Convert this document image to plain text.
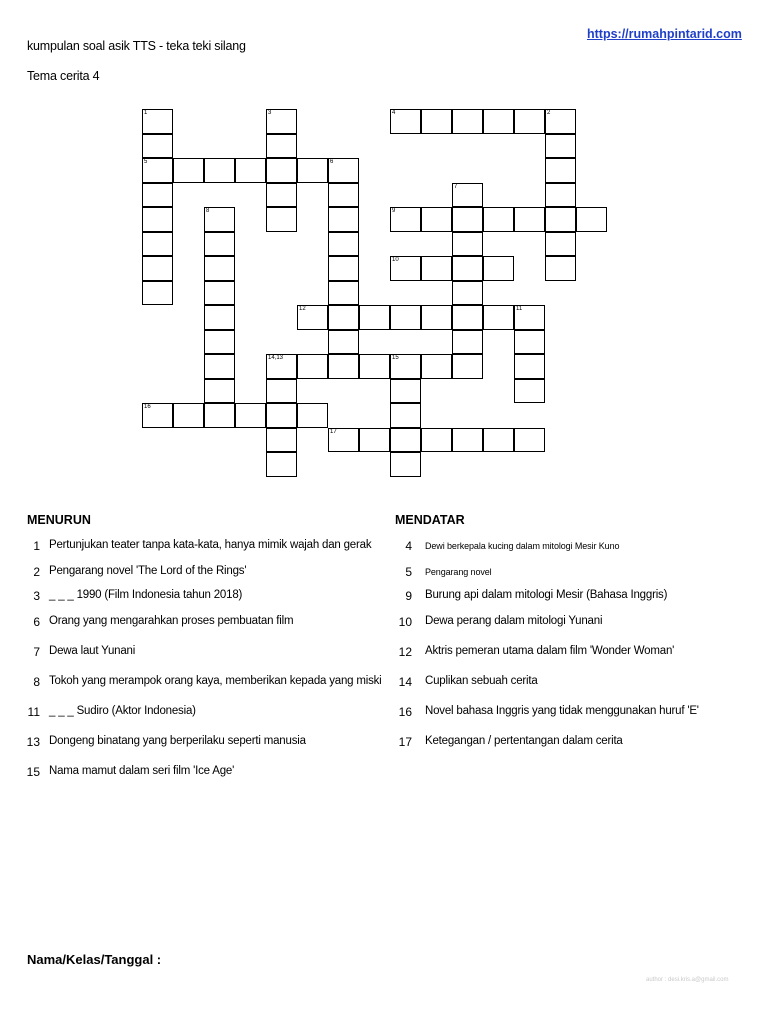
kumpulan soal asik TTS - teka teki silang
Tema cerita 4
https://rumahpintarid.com
1	3	4	2
5	6
7
8	9
10
12	11
14,13	15
16
17
MENURUN	MENDATAR
1 Pertunjukan teater tanpa kata-kata, hanya mimik wajah dan gerak
2 Pengarang novel 'The Lord of the Rings'
3 _ _ _ 1990 (Film Indonesia tahun 2018)
6 Orang yang mengarahkan proses pembuatan film
7 Dewa laut Yunani
8 Tokoh yang merampok orang kaya, memberikan kepada yang miski
11 _ _ _ Sudiro (Aktor Indonesia)
13 Dongeng binatang yang berperilaku seperti manusia
15 Nama mamut dalam seri film 'Ice Age'
4 Dewi berkepala kucing dalam mitologi Mesir Kuno
5 Pengarang novel
9 Burung api dalam mitologi Mesir (Bahasa Inggris)
10 Dewa perang dalam mitologi Yunani
12 Aktris pemeran utama dalam film 'Wonder Woman'
14 Cuplikan sebuah cerita
16 Novel bahasa Inggris yang tidak menggunakan huruf 'E'
17 Ketegangan / pertentangan dalam cerita
Nama/Kelas/Tanggal :
author : desi.kris.a@gmail.com
